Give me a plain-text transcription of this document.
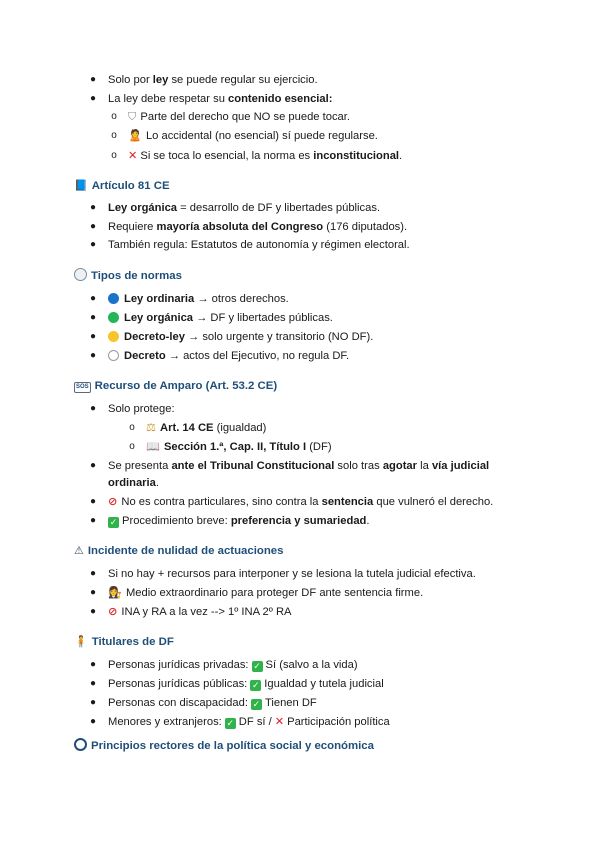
● Solo por ley se puede regular su ejercicio.
● La ley debe respetar su contenido esencial:
o ⛉ Parte del derecho que NO se puede tocar.
o 🙎 Lo accidental (no esencial) sí puede regularse.
o ✕ Si se toca lo esencial, la norma es inconstitucional.
📘 Artículo 81 CE
● Ley orgánica = desarrollo de DF y libertades públicas.
● Requiere mayoría absoluta del Congreso (176 diputados).
● También regula: Estatutos de autonomía y régimen electoral.
Tipos de normas
●	Ley ordinaria → otros derechos.
●	Ley orgánica → DF y libertades públicas.
●	Decreto-ley → solo urgente y transitorio (NO DF).
●	Decreto → actos del Ejecutivo, no regula DF.
SOS Recurso de Amparo (Art. 53.2 CE)
● Solo protege:
o ⚖ Art. 14 CE (igualdad)
o 📖 Sección 1.ª, Cap. II, Título I (DF)
● Se presenta ante el Tribunal Constitucional solo tras agotar la vía judicial
ordinaria.
● ⊘ No es contra particulares, sino contra la sentencia que vulneró el derecho.
● ✓ Procedimiento breve: preferencia y sumariedad.
⚠ Incidente de nulidad de actuaciones
● Si no hay + recursos para interponer y se lesiona la tutela judicial efectiva.
● 👩‍⚖️ Medio extraordinario para proteger DF ante sentencia firme.
● ⊘ INA y RA a la vez --> 1º INA 2º RA
🧍 Titulares de DF
● Personas jurídicas privadas: ✓ Sí (salvo a la vida)
● Personas jurídicas públicas: ✓ Igualdad y tutela judicial
● Personas con discapacidad: ✓ Tienen DF
● Menores y extranjeros: ✓ DF sí / ✕ Participación política
Principios rectores de la política social y económica
